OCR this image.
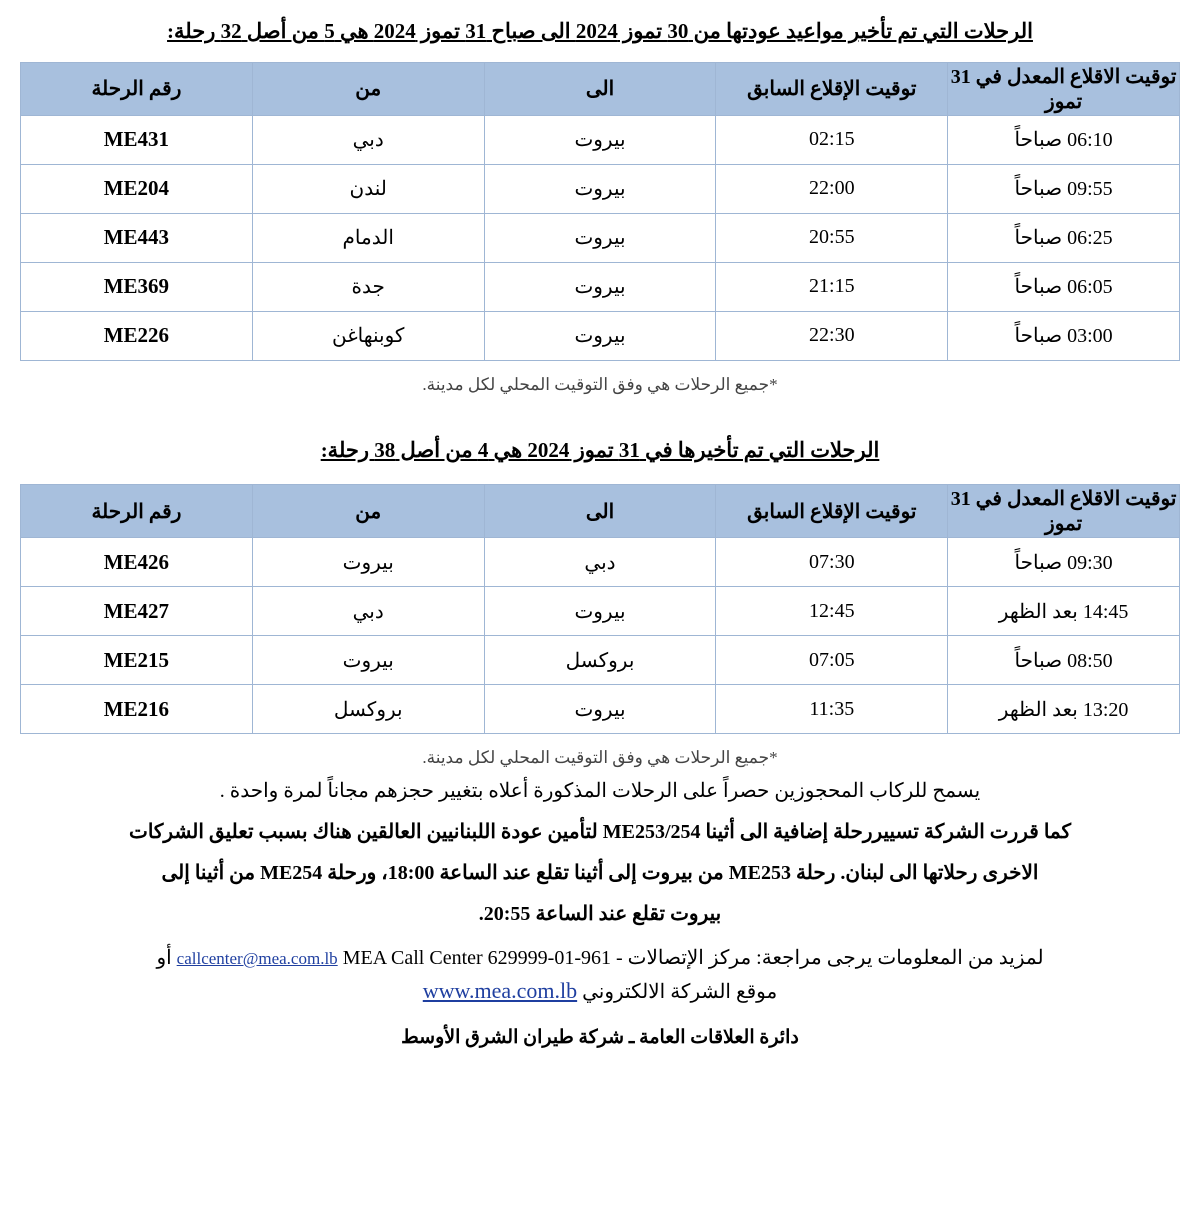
الرحلات التي تم تأخير مواعيد عودتها من 30 تموز 2024 الى صباح 31 تموز 2024 هي 5 من أصل 32 رحلة:
توقيت الاقلاع المعدل في 31 تموز	توقيت الإقلاع السابق	الى	من	رقم الرحلة
06:10 صباحاً	02:15	بيروت	دبي	ME431
09:55 صباحاً	22:00	بيروت	لندن	ME204
06:25 صباحاً	20:55	بيروت	الدمام	ME443
06:05 صباحاً	21:15	بيروت	جدة	ME369
03:00 صباحاً	22:30	بيروت	كوبنهاغن	ME226
*جميع الرحلات هي وفق التوقيت المحلي لكل مدينة.
الرحلات التي تم تأخيرها في 31 تموز 2024 هي 4 من أصل 38 رحلة:
توقيت الاقلاع المعدل في 31 تموز	توقيت الإقلاع السابق	الى	من	رقم الرحلة
09:30 صباحاً	07:30	دبي	بيروت	ME426
14:45 بعد الظهر	12:45	بيروت	دبي	ME427
08:50 صباحاً	07:05	بروكسل	بيروت	ME215
13:20 بعد الظهر	11:35	بيروت	بروكسل	ME216
*جميع الرحلات هي وفق التوقيت المحلي لكل مدينة.
يسمح للركاب المحجوزين حصراً على الرحلات المذكورة أعلاه بتغيير حجزهم مجاناً لمرة واحدة .
كما قررت الشركة تسييررحلة إضافية الى أثينا ME253/254 لتأمين عودة اللبنانيين العالقين هناك بسبب تعليق الشركات
الاخرى رحلاتها الى لبنان. رحلة ME253 من بيروت إلى أثينا تقلع عند الساعة 18:00، ورحلة ME254 من أثينا إلى
بيروت تقلع عند الساعة 20:55.
لمزيد من المعلومات يرجى مراجعة: مركز الإتصالات MEA Call Center 629999-01-961 - callcenter@mea.com.lb أو
موقع الشركة الالكتروني www.mea.com.lb
دائرة العلاقات العامة ـ شركة طيران الشرق الأوسط
